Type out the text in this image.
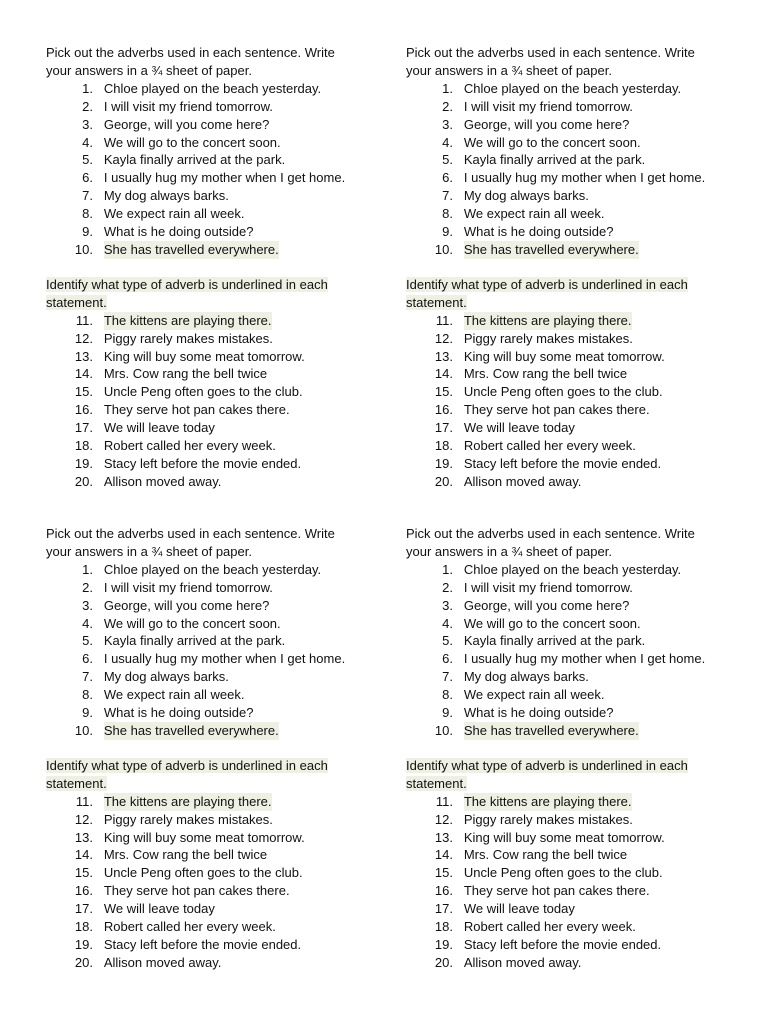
Pick out the adverbs used in each sentence. Write
your answers in a ¾ sheet of paper.

1.
Chloe played on the beach yesterday.
2.
I will visit my friend tomorrow.
3.
George, will you come here?
4.
We will go to the concert soon.
5.
Kayla finally arrived at the park.
6.
I usually hug my mother when I get home.
7.
My dog always barks.
8.
We expect rain all week.
9.
What is he doing outside?
10.
She has travelled everywhere.

Identify what type of adverb is underlined in each
statement.

11.
The kittens are playing there.
12.
Piggy rarely makes mistakes.
13.
King will buy some meat tomorrow.
14.
Mrs. Cow rang the bell twice
15.
Uncle Peng often goes to the club.
16.
They serve hot pan cakes there.
17.
We will leave today
18.
Robert called her every week.
19.
Stacy left before the movie ended.
20.
Allison moved away.

Pick out the adverbs used in each sentence. Write
your answers in a ¾ sheet of paper.

1.
Chloe played on the beach yesterday.
2.
I will visit my friend tomorrow.
3.
George, will you come here?
4.
We will go to the concert soon.
5.
Kayla finally arrived at the park.
6.
I usually hug my mother when I get home.
7.
My dog always barks.
8.
We expect rain all week.
9.
What is he doing outside?
10.
She has travelled everywhere.

Identify what type of adverb is underlined in each
statement.

11.
The kittens are playing there.
12.
Piggy rarely makes mistakes.
13.
King will buy some meat tomorrow.
14.
Mrs. Cow rang the bell twice
15.
Uncle Peng often goes to the club.
16.
They serve hot pan cakes there.
17.
We will leave today
18.
Robert called her every week.
19.
Stacy left before the movie ended.
20.
Allison moved away.

Pick out the adverbs used in each sentence. Write
your answers in a ¾ sheet of paper.

1.
Chloe played on the beach yesterday.
2.
I will visit my friend tomorrow.
3.
George, will you come here?
4.
We will go to the concert soon.
5.
Kayla finally arrived at the park.
6.
I usually hug my mother when I get home.
7.
My dog always barks.
8.
We expect rain all week.
9.
What is he doing outside?
10.
She has travelled everywhere.

Identify what type of adverb is underlined in each
statement.

11.
The kittens are playing there.
12.
Piggy rarely makes mistakes.
13.
King will buy some meat tomorrow.
14.
Mrs. Cow rang the bell twice
15.
Uncle Peng often goes to the club.
16.
They serve hot pan cakes there.
17.
We will leave today
18.
Robert called her every week.
19.
Stacy left before the movie ended.
20.
Allison moved away.

Pick out the adverbs used in each sentence. Write
your answers in a ¾ sheet of paper.

1.
Chloe played on the beach yesterday.
2.
I will visit my friend tomorrow.
3.
George, will you come here?
4.
We will go to the concert soon.
5.
Kayla finally arrived at the park.
6.
I usually hug my mother when I get home.
7.
My dog always barks.
8.
We expect rain all week.
9.
What is he doing outside?
10.
She has travelled everywhere.

Identify what type of adverb is underlined in each
statement.

11.
The kittens are playing there.
12.
Piggy rarely makes mistakes.
13.
King will buy some meat tomorrow.
14.
Mrs. Cow rang the bell twice
15.
Uncle Peng often goes to the club.
16.
They serve hot pan cakes there.
17.
We will leave today
18.
Robert called her every week.
19.
Stacy left before the movie ended.
20.
Allison moved away.
